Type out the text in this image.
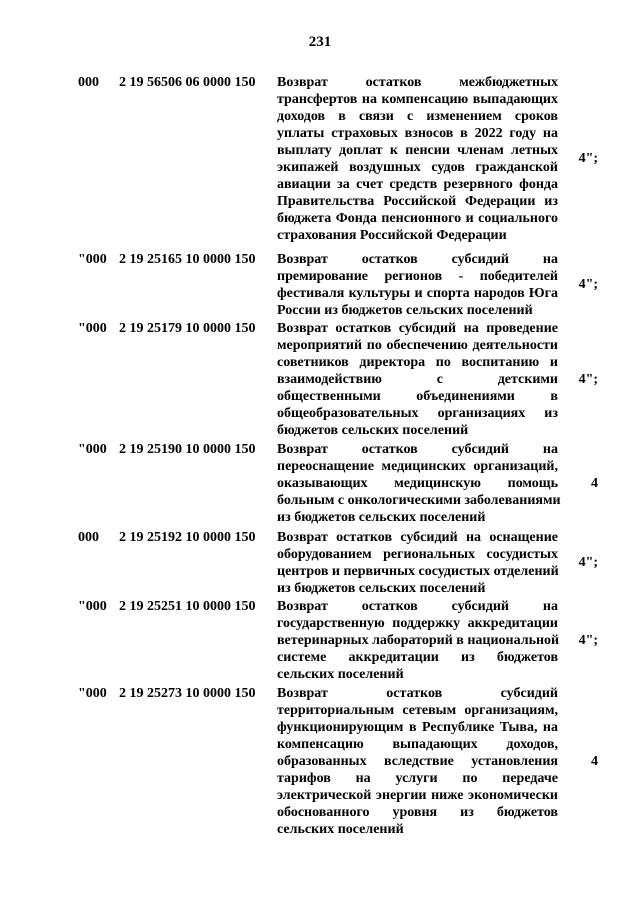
231
000 2 19 56506 06 0000 150 Возврат остатков межбюджетных
трансфертов на компенсацию выпадающих
доходов в связи с изменением сроков
уплаты страховых взносов в 2022 году на
выплату доплат к пенсии членам летных
экипажей воздушных судов гражданской
авиации за счет средств резервного фонда
Правительства Российской Федерации из
бюджета Фонда пенсионного и социального
страхования Российской Федерации
4";
"000 2 19 25165 10 0000 150 Возврат остатков субсидий на
премирование регионов - победителей
фестиваля культуры и спорта народов Юга
России из бюджетов сельских поселений
4";
"000 2 19 25179 10 0000 150 Возврат остатков субсидий на проведение
мероприятий по обеспечению деятельности
советников директора по воспитанию и
взаимодействию с детскими
общественными объединениями в
общеобразовательных организациях из
бюджетов сельских поселений
4";
"000 2 19 25190 10 0000 150 Возврат остатков субсидий на
переоснащение медицинских организаций,
оказывающих медицинскую помощь
больным с онкологическими заболеваниями
из бюджетов сельских поселений
4
000 2 19 25192 10 0000 150 Возврат остатков субсидий на оснащение
оборудованием региональных сосудистых
центров и первичных сосудистых отделений
из бюджетов сельских поселений
4";
"000 2 19 25251 10 0000 150 Возврат остатков субсидий на
государственную поддержку аккредитации
ветеринарных лабораторий в национальной
системе аккредитации из бюджетов
сельских поселений
4";
"000 2 19 25273 10 0000 150 Возврат остатков субсидий
территориальным сетевым организациям,
функционирующим в Республике Тыва, на
компенсацию выпадающих доходов,
образованных вследствие установления
тарифов на услуги по передаче
электрической энергии ниже экономически
обоснованного уровня из бюджетов
сельских поселений
4
